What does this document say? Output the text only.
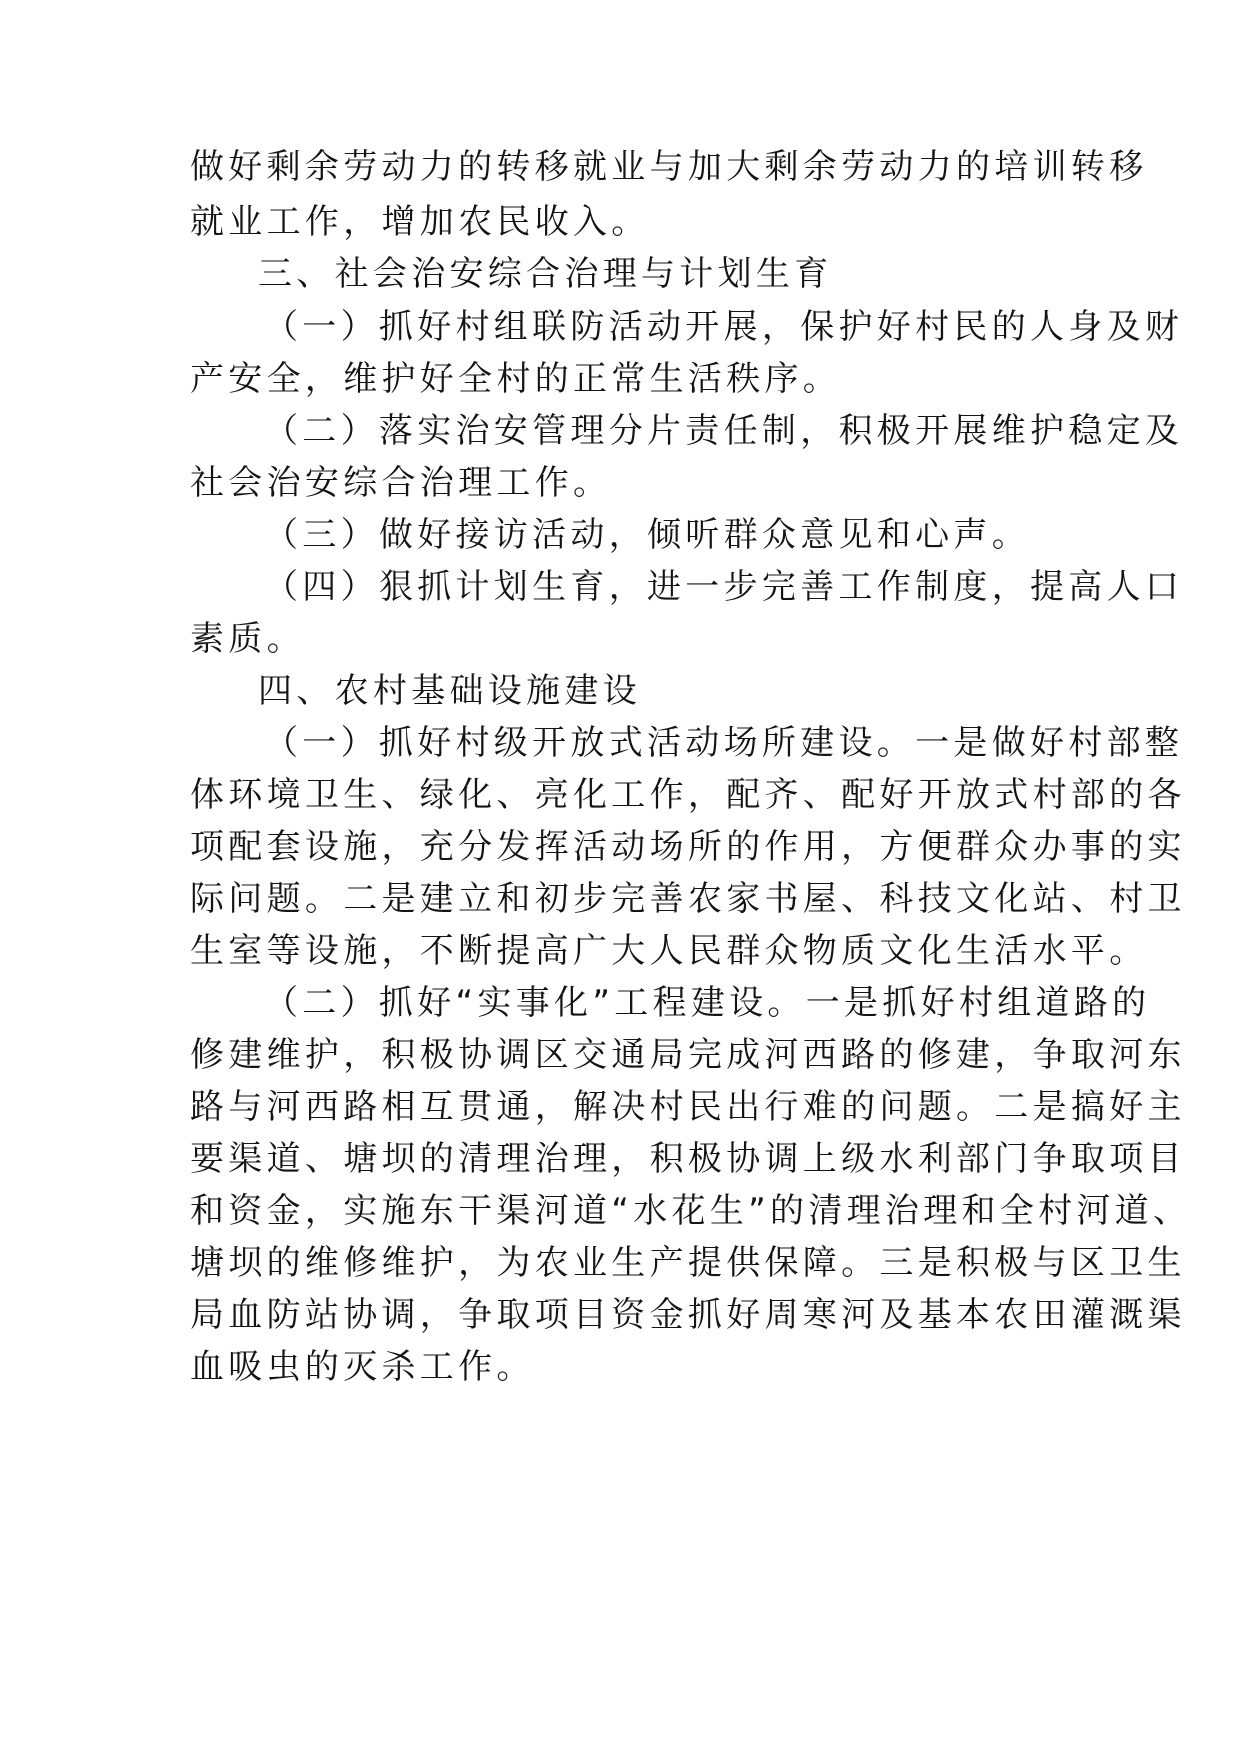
做好剩余劳动力的转移就业与加大剩余劳动力的培训转移
就业工作，增加农民收入。
三、社会治安综合治理与计划生育
（一）抓好村组联防活动开展，保护好村民的人身及财
产安全，维护好全村的正常生活秩序。
（二）落实治安管理分片责任制，积极开展维护稳定及
社会治安综合治理工作。
（三）做好接访活动，倾听群众意见和心声。
（四）狠抓计划生育，进一步完善工作制度，提高人口
素质。
四、农村基础设施建设
（一）抓好村级开放式活动场所建设。一是做好村部整
体环境卫生、绿化、亮化工作，配齐、配好开放式村部的各
项配套设施，充分发挥活动场所的作用，方便群众办事的实
际问题。二是建立和初步完善农家书屋、科技文化站、村卫
生室等设施，不断提高广大人民群众物质文化生活水平。
（二）抓好“实事化”工程建设。一是抓好村组道路的
修建维护，积极协调区交通局完成河西路的修建，争取河东
路与河西路相互贯通，解决村民出行难的问题。二是搞好主
要渠道、塘坝的清理治理，积极协调上级水利部门争取项目
和资金，实施东干渠河道“水花生”的清理治理和全村河道、
塘坝的维修维护，为农业生产提供保障。三是积极与区卫生
局血防站协调，争取项目资金抓好周寒河及基本农田灌溉渠
血吸虫的灭杀工作。
